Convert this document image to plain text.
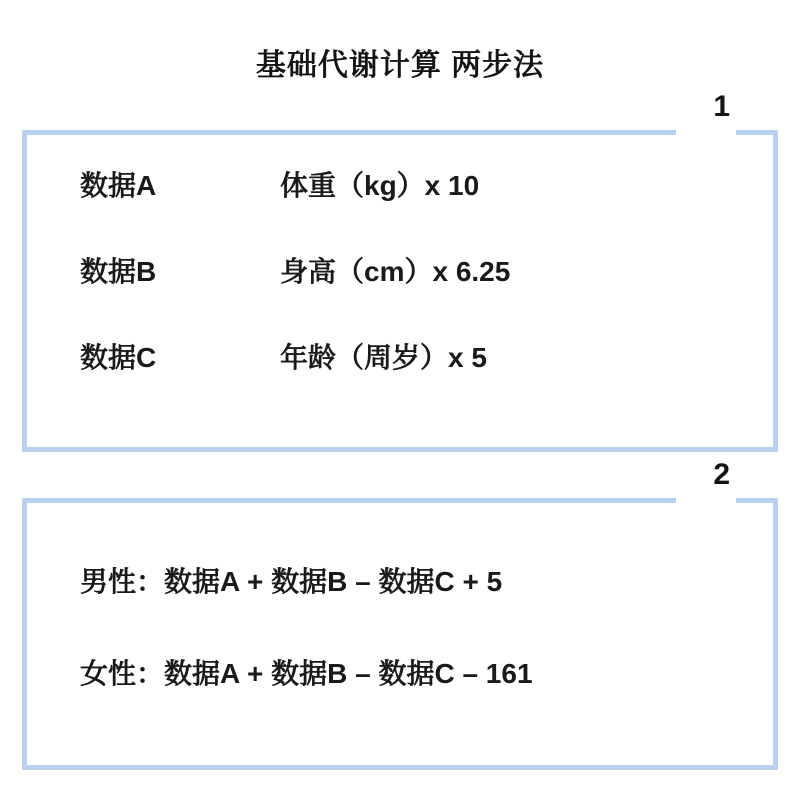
基础代谢计算 两步法
1
数据A	体重（kg）x 10
数据B	身高（cm）x 6.25
数据C	年龄（周岁）x 5
2
男性：数据A + 数据B – 数据C + 5
女性：数据A + 数据B – 数据C – 161
